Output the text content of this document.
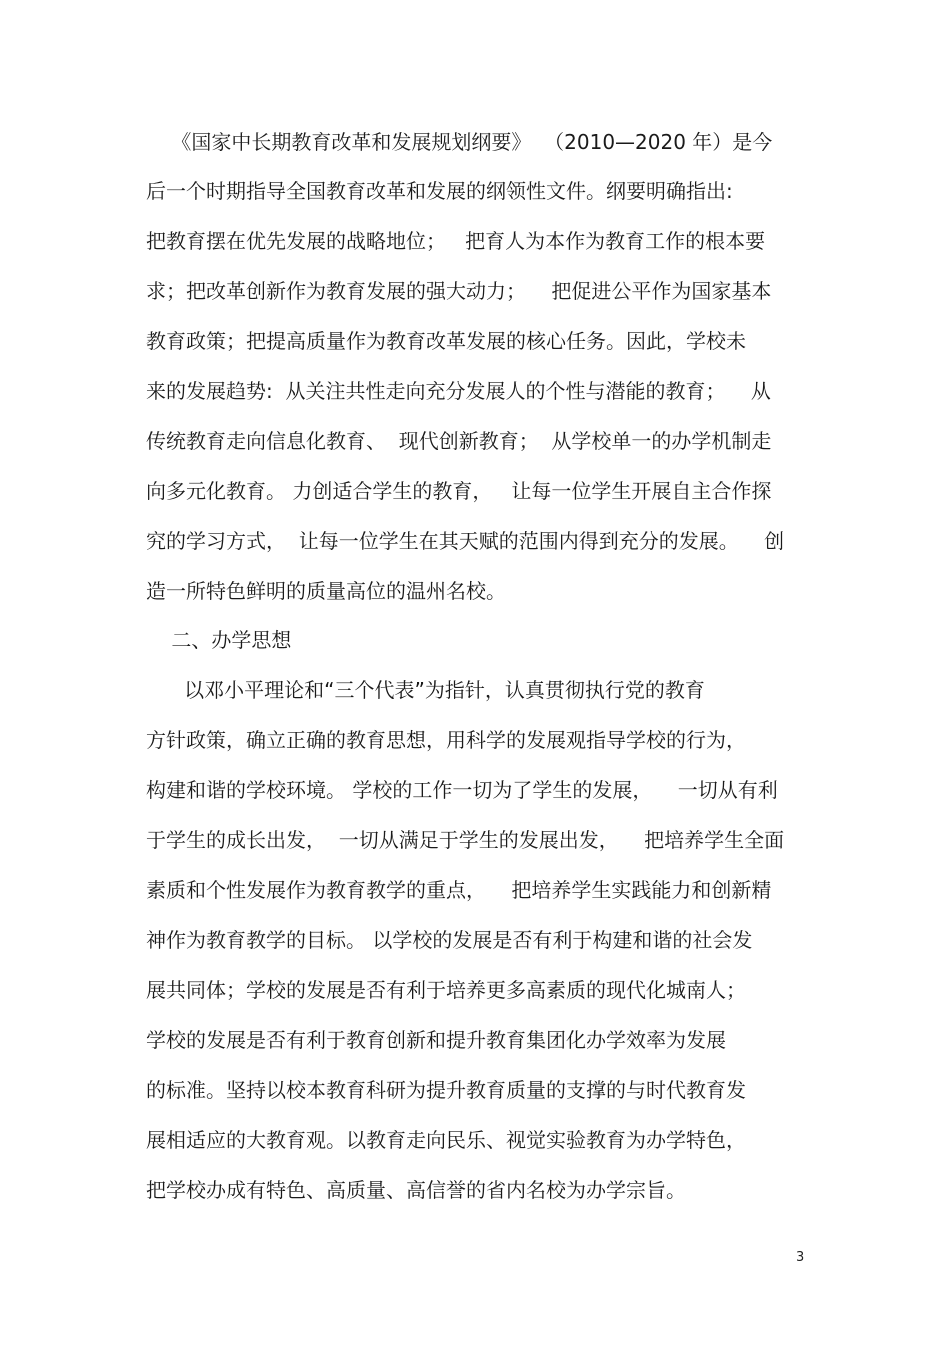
《国家中长期教育改革和发展规划纲要》  （2010—2020 年）是今

后一个时期指导全国教育改革和发展的纲领性文件。纲要明确指出:

把教育摆在优先发展的战略地位；   把育人为本作为教育工作的根本要

求；把改革创新作为教育发展的强大动力；    把促进公平作为国家基本

教育政策；把提高质量作为教育改革发展的核心任务。因此，学校未

来的发展趋势:  从关注共性走向充分发展人的个性与潜能的教育；    从

传统教育走向信息化教育、  现代创新教育；  从学校单一的办学机制走

向多元化教育。 力创适合学生的教育，   让每一位学生开展自主合作探

究的学习方式，  让每一位学生在其天赋的范围内得到充分的发展。    创

造一所特色鲜明的质量高位的温州名校。

二、办学思想

以邓小平理论和“三个代表”为指针，认真贯彻执行党的教育

方针政策，确立正确的教育思想，用科学的发展观指导学校的行为，

构建和谐的学校环境。 学校的工作一切为了学生的发展，    一切从有利

于学生的成长出发，  一切从满足于学生的发展出发，    把培养学生全面

素质和个性发展作为教育教学的重点，    把培养学生实践能力和创新精

神作为教育教学的目标。 以学校的发展是否有利于构建和谐的社会发

展共同体；学校的发展是否有利于培养更多高素质的现代化城南人；

学校的发展是否有利于教育创新和提升教育集团化办学效率为发展

的标准。坚持以校本教育科研为提升教育质量的支撑的与时代教育发

展相适应的大教育观。以教育走向民乐、视觉实验教育为办学特色，

把学校办成有特色、高质量、高信誉的省内名校为办学宗旨。

3
